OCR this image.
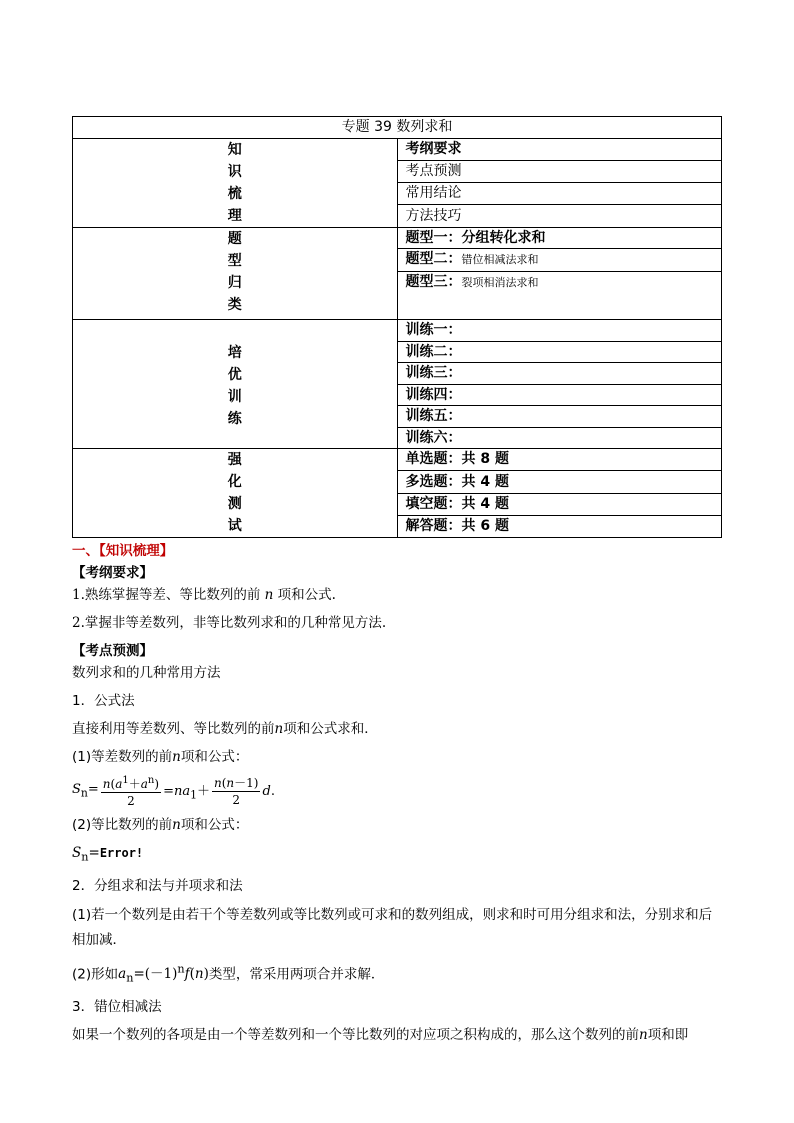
专题 39 数列求和	

知
识
梳
理	考纲要求
	考点预测
	常用结论
	方法技巧

题
型
归
类	题型一：分组转化求和
	题型二：错位相减法求和
	题型三：裂项相消法求和

培
优
训
练	训练一：
	训练二：
	训练三：
	训练四：
	训练五：
	训练六：

强
化
测
试	单选题：共 8 题
	多选题：共 4 题
	填空题：共 4 题
	解答题：共 6 题

一、【知识梳理】

【考纲要求】

1.熟练掌握等差、等比数列的前 n 项和公式.

2.掌握非等差数列，非等比数列求和的几种常见方法.

【考点预测】

数列求和的几种常用方法

1．公式法

直接利用等差数列、等比数列的前n项和公式求和．

(1)等差数列的前n项和公式：

$S_n= \frac{n(a^1+a^n)}{2} =na_1+ \frac{n(n-1)}{2} d$.

(2)等比数列的前n项和公式：

$S_n=Error$!

2．分组求和法与并项求和法

(1)若一个数列是由若干个等差数列或等比数列或可求和的数列组成，则求和时可用分组求和法，分别求和后相加减．

(2)形如$a_n=(-1)^nf(n)$类型，常采用两项合并求解．

3．错位相减法

如果一个数列的各项是由一个等差数列和一个等比数列的对应项之积构成的，那么这个数列的前n项和即
